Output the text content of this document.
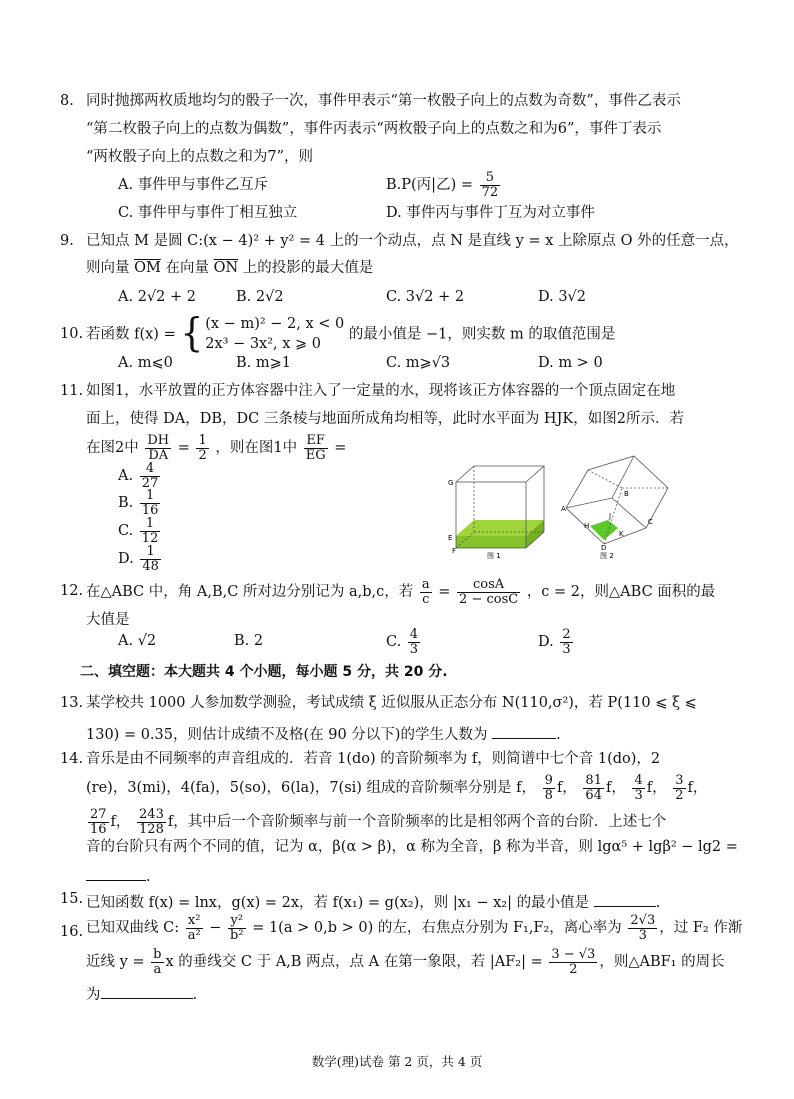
8. 同时抛掷两枚质地均匀的骰子一次，事件甲表示“第一枚骰子向上的点数为奇数”，事件乙表示
“第二枚骰子向上的点数为偶数”，事件丙表示“两枚骰子向上的点数之和为6”，事件丁表示
“两枚骰子向上的点数之和为7”，则
A. 事件甲与事件乙互斥	B.P(丙|乙) = $\frac{5}{72}$
C. 事件甲与事件丁相互独立	D. 事件丙与事件丁互为对立事件
9. 已知点 M 是圆 C:(x − 4)² + y² = 4 上的一个动点，点 N 是直线 y = x 上除原点 O 外的任意一点，
则向量 $\overline{OM}$ 在向量 $\overline{ON}$ 上的投影的最大值是
A. 2√2 + 2	B. 2√2	C. 3√2 + 2	D. 3√2
10. 若函数 f(x) = { (x − m)² − 2, x < 0
2x³ − 3x², x ⩾ 0
的最小值是 −1，则实数 m 的取值范围是
A. m⩽0	B. m⩾1	C. m⩾√3	D. m > 0
11. 如图1，水平放置的正方体容器中注入了一定量的水，现将该正方体容器的一个顶点固定在地
面上，使得 DA，DB，DC 三条棱与地面所成角均相等，此时水平面为 HJK，如图2所示．若
在图2中 $\frac{DH}{DA} = \frac{1}{2}$ ，则在图1中 $\frac{EF}{EG}$ =
A. $\frac{4}{27}$
B. $\frac{1}{16}$
C. $\frac{1}{12}$
D. $\frac{1}{48}$
G
E
F
图 1
A
B
C
H
J
K
D
图 2
12. 在△ABC 中，角 A,B,C 所对边分别记为 a,b,c，若 $\frac{a}{c} = \frac{\cos A}{2 - \cos C}$ ，c = 2，则△ABC 面积的最
大值是
A. √2	B. 2	C. $\frac{4}{3}$	D. $\frac{2}{3}$
二、填空题：本大题共 4 个小题，每小题 5 分，共 20 分.
13. 某学校共 1000 人参加数学测验，考试成绩 ξ 近似服从正态分布 N(110,σ²)，若 P(110 ⩽ ξ ⩽
130) = 0.35，则估计成绩不及格(在 90 分以下)的学生人数为	.
14. 音乐是由不同频率的声音组成的．若音 1(do) 的音阶频率为 f，则简谱中七个音 1(do)，2
(re)，3(mi)，4(fa)，5(so)，6(la)，7(si) 组成的音阶频率分别是 f， $\frac{9}{8}$ f， $\frac{81}{64}$ f， $\frac{4}{3}$ f， $\frac{3}{2}$ f，
$\frac{27}{16}$ f， $\frac{243}{128}$ f，其中后一个音阶频率与前一个音阶频率的比是相邻两个音的台阶．上述七个
音的台阶只有两个不同的值，记为 α，β(α > β)，α 称为全音，β 称为半音，则 lgα⁵ + lgβ² − lg2 =
.
15. 已知函数 f(x) = lnx，g(x) = 2x，若 f(x₁) = g(x₂)，则 |x₁ − x₂| 的最小值是	.
16. 已知双曲线 C: $\frac{\text{x²}}{\text{a²}} - \frac{\text{y²}}{\text{b²}} = 1(a > 0,b > 0)$ 的左，右焦点分别为 F₁,F₂，离心率为 $\frac{2√3}{3}$ ，过 F₂ 作渐
近线 $y = \frac{b}{a}$ x 的垂线交 C 于 A,B 两点，点 A 在第一象限，若 $|AF_2| = \frac{3 - √3}{2}$ ，则△ABF₁ 的周长
为	.
数学(理)试卷 第 2 页，共 4 页
